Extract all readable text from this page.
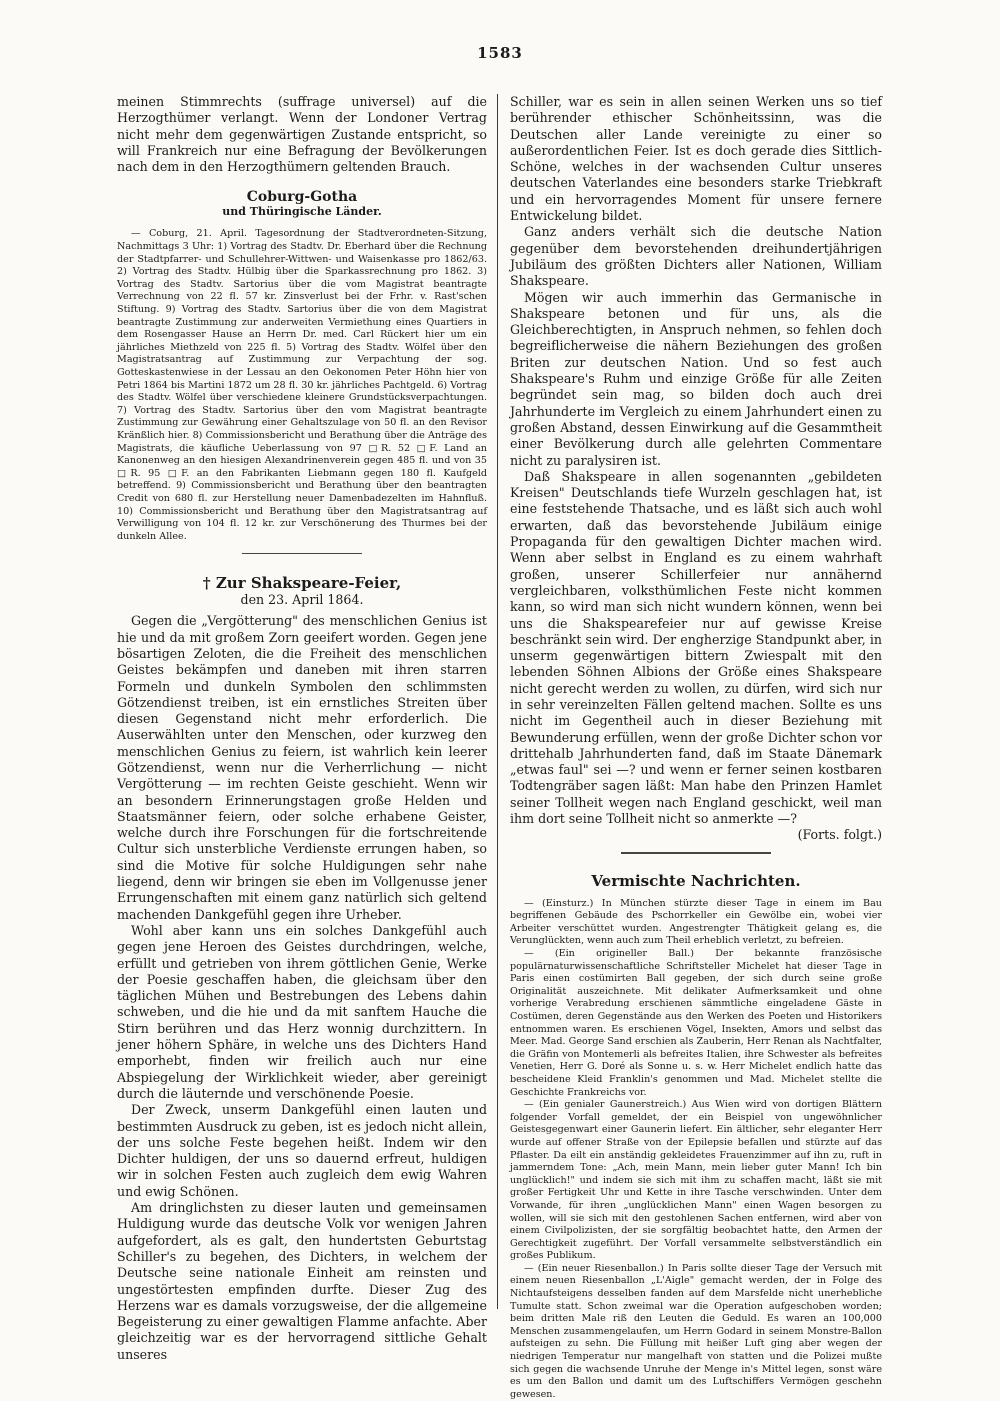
1583

meinen Stimmrechts (suffrage universel) auf die Herzogthümer verlangt. Wenn der Londoner Vertrag nicht mehr dem gegenwärtigen Zustande entspricht, so will Frankreich nur eine Befragung der Bevölkerungen nach dem in den Herzogthümern geltenden Brauch.

Coburg-Gotha
und Thüringische Länder.

— Coburg, 21. April. Tagesordnung der Stadtverordneten-Sitzung, Nachmittags 3 Uhr: 1) Vortrag des Stadtv. Dr. Eberhard über die Rechnung der Stadtpfarrer- und Schullehrer-Wittwen- und Waisenkasse pro 1862/63. 2) Vortrag des Stadtv. Hülbig über die Sparkassrechnung pro 1862. 3) Vortrag des Stadtv. Sartorius über die vom Magistrat beantragte Verrechnung von 22 fl. 57 kr. Zinsverlust bei der Frhr. v. Rast'schen Stiftung. 9) Vortrag des Stadtv. Sartorius über die von dem Magistrat beantragte Zustimmung zur anderweiten Vermiethung eines Quartiers in dem Rosengasser Hause an Herrn Dr. med. Carl Rückert hier um ein jährliches Miethzeld von 225 fl. 5) Vortrag des Stadtv. Wölfel über den Magistratsantrag auf Zustimmung zur Verpachtung der sog. Gotteskastenwiese in der Lessau an den Oekonomen Peter Höhn hier von Petri 1864 bis Martini 1872 um 28 fl. 30 kr. jährliches Pachtgeld. 6) Vortrag des Stadtv. Wölfel über verschiedene kleinere Grundstücksverpachtungen. 7) Vortrag des Stadtv. Sartorius über den vom Magistrat beantragte Zustimmung zur Gewährung einer Gehaltszulage von 50 fl. an den Revisor Kränßlich hier. 8) Commissionsbericht und Berathung über die Anträge des Magistrats, die käufliche Ueberlassung von 97 □R. 52 □F. Land an Kanonenweg an den hiesigen Alexandrinenverein gegen 485 fl. und von 35 □R. 95 □F. an den Fabrikanten Liebmann gegen 180 fl. Kaufgeld betreffend. 9) Commissionsbericht und Berathung über den beantragten Credit von 680 fl. zur Herstellung neuer Damenbadezelten im Hahnfluß. 10) Commissionsbericht und Berathung über den Magistratsantrag auf Verwilligung von 104 fl. 12 kr. zur Verschönerung des Thurmes bei der dunkeln Allee.

† Zur Shakspeare-Feier,
den 23. April 1864.

Gegen die „Vergötterung" des menschlichen Genius ist hie und da mit großem Zorn geeifert worden. Gegen jene bösartigen Zeloten, die die Freiheit des menschlichen Geistes bekämpfen und daneben mit ihren starren Formeln und dunkeln Symbolen den schlimmsten Götzendienst treiben, ist ein ernstliches Streiten über diesen Gegenstand nicht mehr erforderlich. Die Auserwählten unter den Menschen, oder kurzweg den menschlichen Genius zu feiern, ist wahrlich kein leerer Götzendienst, wenn nur die Verherrlichung — nicht Vergötterung — im rechten Geiste geschieht. Wenn wir an besondern Erinnerungstagen große Helden und Staatsmänner feiern, oder solche erhabene Geister, welche durch ihre Forschungen für die fortschreitende Cultur sich unsterbliche Verdienste errungen haben, so sind die Motive für solche Huldigungen sehr nahe liegend, denn wir bringen sie eben im Vollgenusse jener Errungenschaften mit einem ganz natürlich sich geltend machenden Dankgefühl gegen ihre Urheber.

Wohl aber kann uns ein solches Dankgefühl auch gegen jene Heroen des Geistes durchdringen, welche, erfüllt und getrieben von ihrem göttlichen Genie, Werke der Poesie geschaffen haben, die gleichsam über den täglichen Mühen und Bestrebungen des Lebens dahin schweben, und die hie und da mit sanftem Hauche die Stirn berühren und das Herz wonnig durchzittern. In jener höhern Sphäre, in welche uns des Dichters Hand emporhebt, finden wir freilich auch nur eine Abspiegelung der Wirklichkeit wieder, aber gereinigt durch die läuternde und verschönende Poesie.

Der Zweck, unserm Dankgefühl einen lauten und bestimmten Ausdruck zu geben, ist es jedoch nicht allein, der uns solche Feste begehen heißt. Indem wir den Dichter huldigen, der uns so dauernd erfreut, huldigen wir in solchen Festen auch zugleich dem ewig Wahren und ewig Schönen.

Am dringlichsten zu dieser lauten und gemeinsamen Huldigung wurde das deutsche Volk vor wenigen Jahren aufgefordert, als es galt, den hundertsten Geburtstag Schiller's zu begehen, des Dichters, in welchem der Deutsche seine nationale Einheit am reinsten und ungestörtesten empfinden durfte. Dieser Zug des Herzens war es damals vorzugsweise, der die allgemeine Begeisterung zu einer gewaltigen Flamme anfachte. Aber gleichzeitig war es der hervorragend sittliche Gehalt unseres

Schiller, war es sein in allen seinen Werken uns so tief berührender ethischer Schönheitssinn, was die Deutschen aller Lande vereinigte zu einer so außerordentlichen Feier. Ist es doch gerade dies Sittlich-Schöne, welches in der wachsenden Cultur unseres deutschen Vaterlandes eine besonders starke Triebkraft und ein hervorragendes Moment für unsere fernere Entwickelung bildet.

Ganz anders verhält sich die deutsche Nation gegenüber dem bevorstehenden dreihundertjährigen Jubiläum des größten Dichters aller Nationen, William Shakspeare.

Mögen wir auch immerhin das Germanische in Shakspeare betonen und für uns, als die Gleichberechtigten, in Anspruch nehmen, so fehlen doch begreiflicherweise die nähern Beziehungen des großen Briten zur deutschen Nation. Und so fest auch Shakspeare's Ruhm und einzige Größe für alle Zeiten begründet sein mag, so bilden doch auch drei Jahrhunderte im Vergleich zu einem Jahrhundert einen zu großen Abstand, dessen Einwirkung auf die Gesammtheit einer Bevölkerung durch alle gelehrten Commentare nicht zu paralysiren ist.

Daß Shakspeare in allen sogenannten „gebildeten Kreisen" Deutschlands tiefe Wurzeln geschlagen hat, ist eine feststehende Thatsache, und es läßt sich auch wohl erwarten, daß das bevorstehende Jubiläum einige Propaganda für den gewaltigen Dichter machen wird. Wenn aber selbst in England es zu einem wahrhaft großen, unserer Schillerfeier nur annähernd vergleichbaren, volksthümlichen Feste nicht kommen kann, so wird man sich nicht wundern können, wenn bei uns die Shakspearefeier nur auf gewisse Kreise beschränkt sein wird. Der engherzige Standpunkt aber, in unserm gegenwärtigen bittern Zwiespalt mit den lebenden Söhnen Albions der Größe eines Shakspeare nicht gerecht werden zu wollen, zu dürfen, wird sich nur in sehr vereinzelten Fällen geltend machen. Sollte es uns nicht im Gegentheil auch in dieser Beziehung mit Bewunderung erfüllen, wenn der große Dichter schon vor drittehalb Jahrhunderten fand, daß im Staate Dänemark „etwas faul" sei —? und wenn er ferner seinen kostbaren Todtengräber sagen läßt: Man habe den Prinzen Hamlet seiner Tollheit wegen nach England geschickt, weil man ihm dort seine Tollheit nicht so anmerkte —?

(Forts. folgt.)

Vermischte Nachrichten.

— (Einsturz.) In München stürzte dieser Tage in einem im Bau begriffenen Gebäude des Pschorrkeller ein Gewölbe ein, wobei vier Arbeiter verschüttet wurden. Angestrengter Thätigkeit gelang es, die Verunglückten, wenn auch zum Theil erheblich verletzt, zu befreien.

— (Ein origineller Ball.) Der bekannte französische populärnaturwissenschaftliche Schriftsteller Michelet hat dieser Tage in Paris einen costümirten Ball gegeben, der sich durch seine große Originalität auszeichnete. Mit delikater Aufmerksamkeit und ohne vorherige Verabredung erschienen sämmtliche eingeladene Gäste in Costümen, deren Gegenstände aus den Werken des Poeten und Historikers entnommen waren. Es erschienen Vögel, Insekten, Amors und selbst das Meer. Mad. George Sand erschien als Zauberin, Herr Renan als Nachtfalter, die Gräfin von Montemerli als befreites Italien, ihre Schwester als befreites Venetien, Herr G. Doré als Sonne u. s. w. Herr Michelet endlich hatte das bescheidene Kleid Franklin's genommen und Mad. Michelet stellte die Geschichte Frankreichs vor.

— (Ein genialer Gaunerstreich.) Aus Wien wird von dortigen Blättern folgender Vorfall gemeldet, der ein Beispiel von ungewöhnlicher Geistesgegenwart einer Gaunerin liefert. Ein ältlicher, sehr eleganter Herr wurde auf offener Straße von der Epilepsie befallen und stürzte auf das Pflaster. Da eilt ein anständig gekleidetes Frauenzimmer auf ihn zu, ruft in jammerndem Tone: „Ach, mein Mann, mein lieber guter Mann! Ich bin unglücklich!" und indem sie sich mit ihm zu schaffen macht, läßt sie mit großer Fertigkeit Uhr und Kette in ihre Tasche verschwinden. Unter dem Vorwande, für ihren „unglücklichen Mann" einen Wagen besorgen zu wollen, will sie sich mit den gestohlenen Sachen entfernen, wird aber von einem Civilpolizisten, der sie sorgfältig beobachtet hatte, den Armen der Gerechtigkeit zugeführt. Der Vorfall versammelte selbstverständlich ein großes Publikum.

— (Ein neuer Riesenballon.) In Paris sollte dieser Tage der Versuch mit einem neuen Riesenballon „L'Aigle" gemacht werden, der in Folge des Nichtaufsteigens desselben fanden auf dem Marsfelde nicht unerhebliche Tumulte statt. Schon zweimal war die Operation aufgeschoben worden; beim dritten Male riß den Leuten die Geduld. Es waren an 100,000 Menschen zusammengelaufen, um Herrn Godard in seinem Monstre-Ballon aufsteigen zu sehn. Die Füllung mit heißer Luft ging aber wegen der niedrigen Temperatur nur mangelhaft von statten und die Polizei mußte sich gegen die wachsende Unruhe der Menge in's Mittel legen, sonst wäre es um den Ballon und damit um des Luftschiffers Vermögen geschehn gewesen.
